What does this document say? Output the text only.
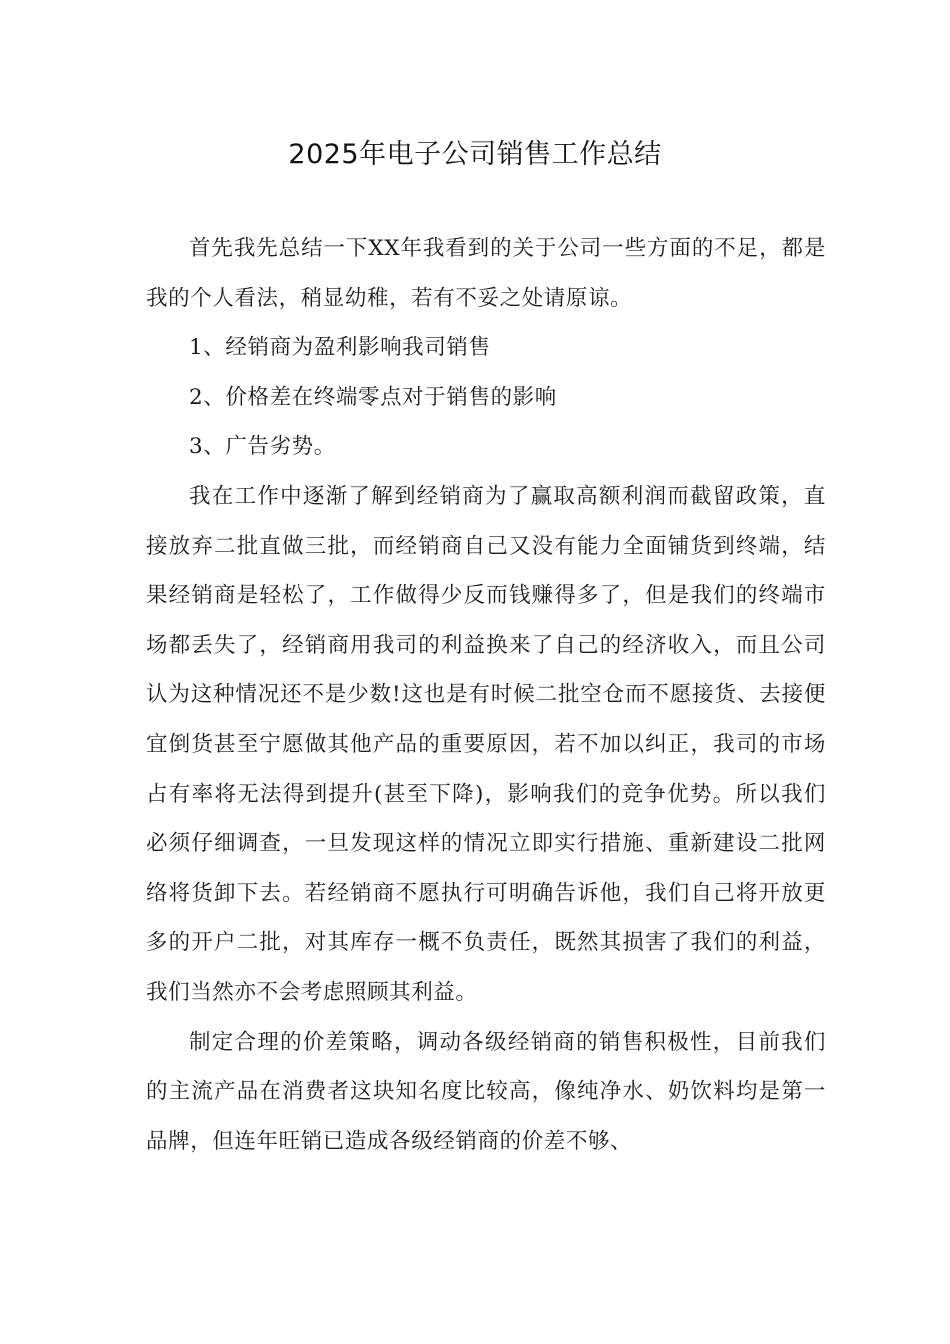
2025年电子公司销售工作总结

首先我先总结一下XX年我看到的关于公司一些方面的不足，都是我的个人看法，稍显幼稚，若有不妥之处请原谅。

1、经销商为盈利影响我司销售

2、价格差在终端零点对于销售的影响

3、广告劣势。

我在工作中逐渐了解到经销商为了赢取高额利润而截留政策，直接放弃二批直做三批，而经销商自己又没有能力全面铺货到终端，结果经销商是轻松了，工作做得少反而钱赚得多了，但是我们的终端市场都丢失了，经销商用我司的利益换来了自己的经济收入，而且公司认为这种情况还不是少数!这也是有时候二批空仓而不愿接货、去接便宜倒货甚至宁愿做其他产品的重要原因，若不加以纠正，我司的市场占有率将无法得到提升(甚至下降)，影响我们的竞争优势。所以我们必须仔细调查，一旦发现这样的情况立即实行措施、重新建设二批网络将货卸下去。若经销商不愿执行可明确告诉他，我们自己将开放更多的开户二批，对其库存一概不负责任，既然其损害了我们的利益，我们当然亦不会考虑照顾其利益。

制定合理的价差策略，调动各级经销商的销售积极性，目前我们的主流产品在消费者这块知名度比较高，像纯净水、奶饮料均是第一品牌，但连年旺销已造成各级经销商的价差不够、
